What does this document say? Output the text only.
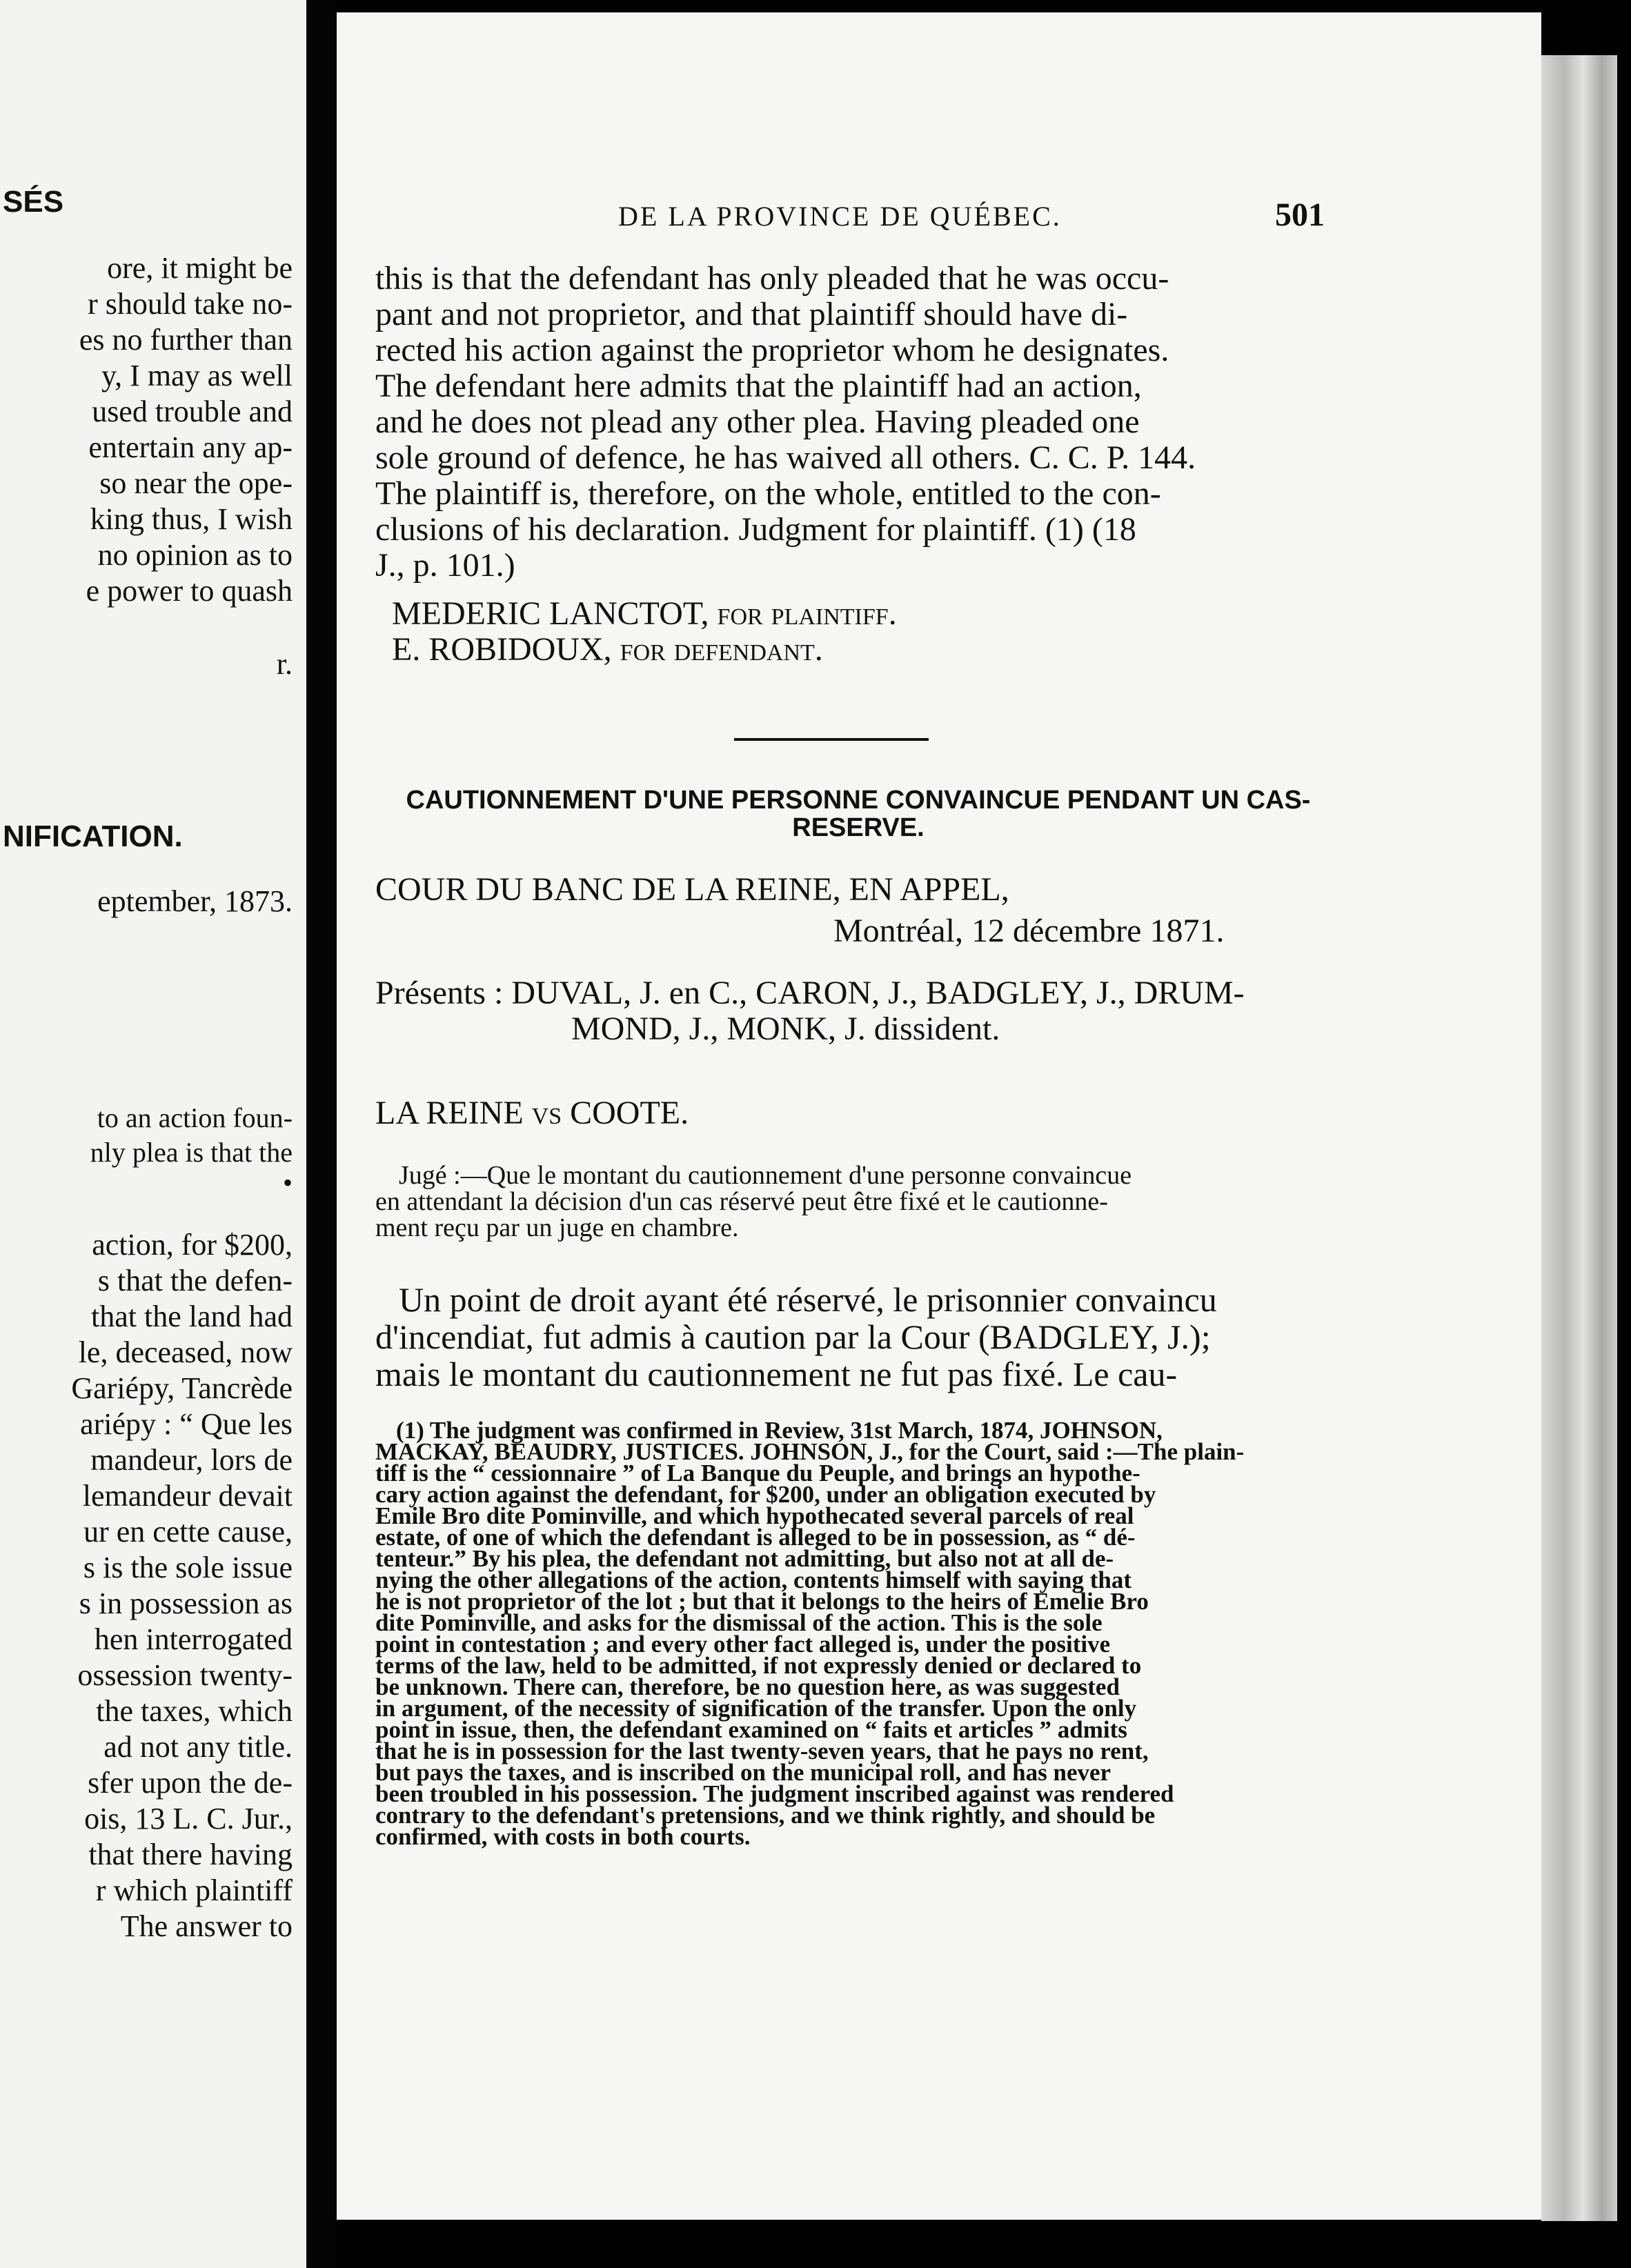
SÉS
ore, it might be
r should take no-
es no further than
y, I may as well
used trouble and
entertain any ap-
so near the ope-
king thus, I wish
no opinion as to
e power to quash
r.
NIFICATION.
eptember, 1873.
to an action foun-
nly plea is that the
•
action, for $200,
s that the defen-
that the land had
le, deceased, now
Gariépy, Tancrède
ariépy : “ Que les
mandeur, lors de
lemandeur devait
ur en cette cause,
s is the sole issue
s in possession as
hen interrogated
ossession twenty-
the taxes, which
ad not any title.
sfer upon the de-
ois, 13 L. C. Jur.,
that there having
r which plaintiff
The answer to
DE LA PROVINCE DE QUÉBEC.	501
this is that the defendant has only pleaded that he was occu-
pant and not proprietor, and that plaintiff should have di-
rected his action against the proprietor whom he designates.
The defendant here admits that the plaintiff had an action,
and he does not plead any other plea. Having pleaded one
sole ground of defence, he has waived all others. C. C. P. 144.
The plaintiff is, therefore, on the whole, entitled to the con-
clusions of his declaration. Judgment for plaintiff. (1) (18
J., p. 101.)
MEDERIC LANCTOT, for plaintiff.
E. ROBIDOUX, for defendant.
CAUTIONNEMENT D'UNE PERSONNE CONVAINCUE PENDANT UN CAS-
RESERVE.
COUR DU BANC DE LA REINE, EN APPEL,
Montréal, 12 décembre 1871.
Présents : DUVAL, J. en C., CARON, J., BADGLEY, J., DRUM-
MOND, J., MONK, J. dissident.
LA REINE vs COOTE.
Jugé :—Que le montant du cautionnement d'une personne convaincue
en attendant la décision d'un cas réservé peut être fixé et le cautionne-
ment reçu par un juge en chambre.
Un point de droit ayant été réservé, le prisonnier convaincu
d'incendiat, fut admis à caution par la Cour (BADGLEY, J.);
mais le montant du cautionnement ne fut pas fixé. Le cau-
(1) The judgment was confirmed in Review, 31st March, 1874, JOHNSON,
MACKAY, BEAUDRY, JUSTICES. JOHNSON, J., for the Court, said :—The plain-
tiff is the “ cessionnaire ” of La Banque du Peuple, and brings an hypothe-
cary action against the defendant, for $200, under an obligation executed by
Emile Bro dite Pominville, and which hypothecated several parcels of real
estate, of one of which the defendant is alleged to be in possession, as “ dé-
tenteur.” By his plea, the defendant not admitting, but also not at all de-
nying the other allegations of the action, contents himself with saying that
he is not proprietor of the lot ; but that it belongs to the heirs of Emelie Bro
dite Pominville, and asks for the dismissal of the action. This is the sole
point in contestation ; and every other fact alleged is, under the positive
terms of the law, held to be admitted, if not expressly denied or declared to
be unknown. There can, therefore, be no question here, as was suggested
in argument, of the necessity of signification of the transfer. Upon the only
point in issue, then, the defendant examined on “ faits et articles ” admits
that he is in possession for the last twenty-seven years, that he pays no rent,
but pays the taxes, and is inscribed on the municipal roll, and has never
been troubled in his possession. The judgment inscribed against was rendered
contrary to the defendant's pretensions, and we think rightly, and should be
confirmed, with costs in both courts.
